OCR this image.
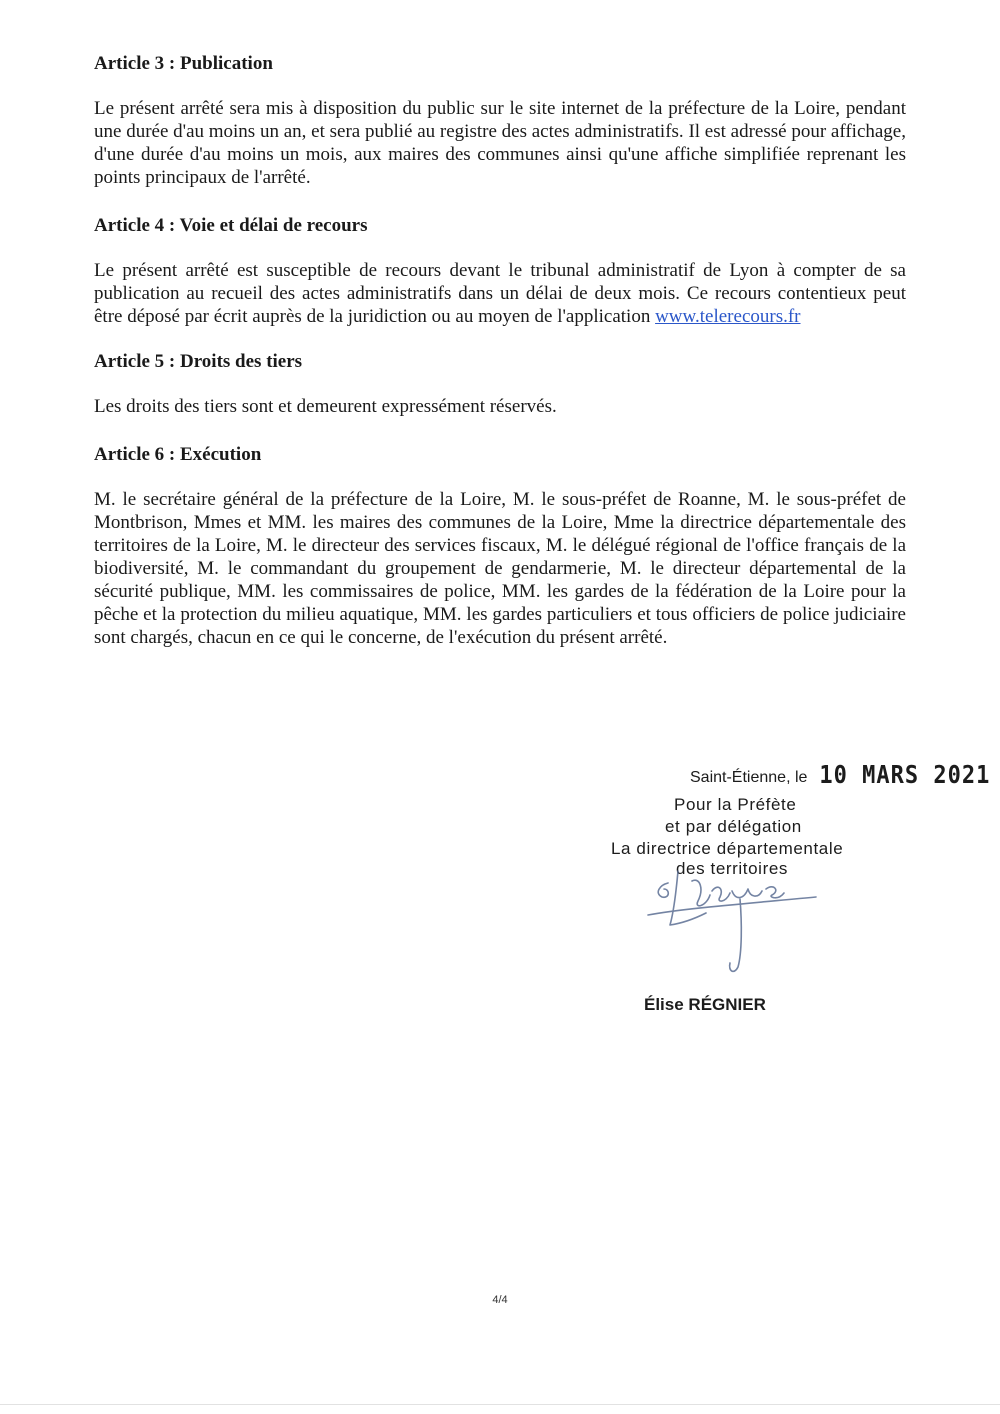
Article 3 : Publication

Le présent arrêté sera mis à disposition du public sur le site internet de la préfecture de la Loire, pendant une durée d'au moins un an, et sera publié au registre des actes administratifs. Il est adressé pour affichage, d'une durée d'au moins un mois, aux maires des communes ainsi qu'une affiche simplifiée reprenant les points principaux de l'arrêté.

Article 4 : Voie et délai de recours

Le présent arrêté est susceptible de recours devant le tribunal administratif de Lyon à compter de sa publication au recueil des actes administratifs dans un délai de deux mois. Ce recours contentieux peut être déposé par écrit auprès de la juridiction ou au moyen de l'application www.telerecours.fr

Article 5 : Droits des tiers

Les droits des tiers sont et demeurent expressément réservés.

Article 6 : Exécution

M. le secrétaire général de la préfecture de la Loire, M. le sous-préfet de Roanne, M. le sous-préfet de Montbrison, Mmes et MM. les maires des communes de la Loire, Mme la directrice départementale des territoires de la Loire, M. le directeur des services fiscaux, M. le délégué régional de l'office français de la biodiversité, M. le commandant du groupement de gendarmerie, M. le directeur départemental de la sécurité publique, MM. les commissaires de police, MM. les gardes de la fédération de la Loire pour la pêche et la protection du milieu aquatique, MM. les gardes particuliers et tous officiers de police judiciaire sont chargés, chacun en ce qui le concerne, de l'exécution du présent arrêté.

Saint-Étienne, le 10 MARS 2021
Pour la Préfète
et par délégation
La directrice départementale
des territoires
Élise RÉGNIER
4/4
